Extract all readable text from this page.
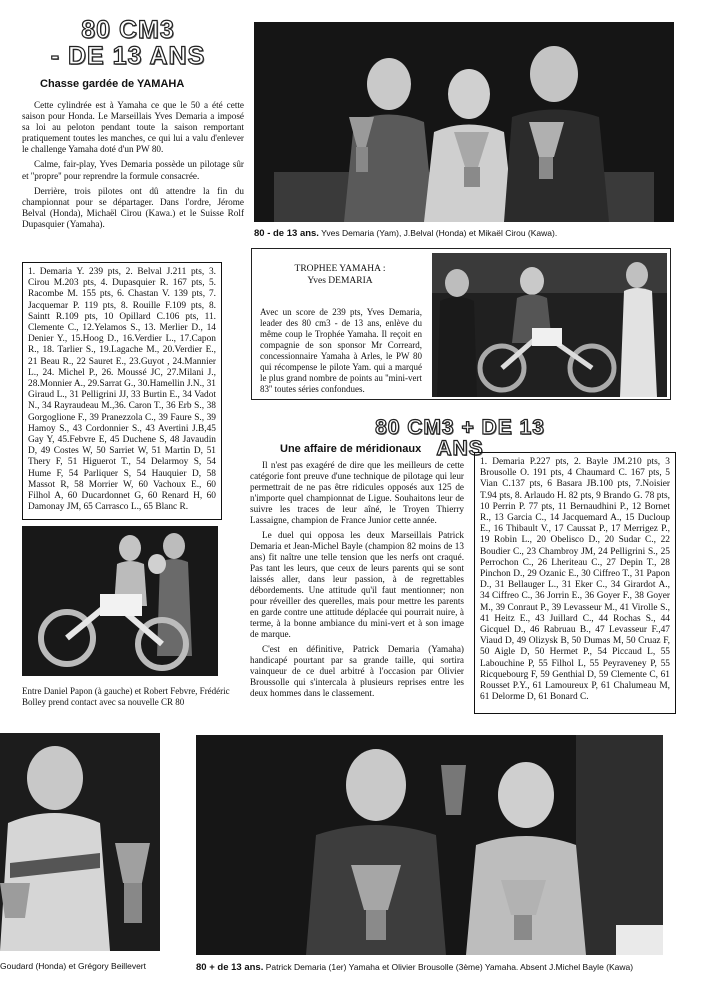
80 CM3
- DE 13 ANS
Chasse gardée de YAMAHA

Cette cylindrée est à Yamaha ce que le 50 a été cette saison pour Honda. Le Marseillais Yves Demaria a imposé sa loi au peloton pendant toute la saison remportant pratiquement toutes les manches, ce qui lui a valu d'enlever le challenge Yamaha doté d'un PW 80.

Calme, fair-play, Yves Demaria possède un pilotage sûr et ''propre'' pour reprendre la formule consacrée.

Derrière, trois pilotes ont dû attendre la fin du championnat pour se départager. Dans l'ordre, Jérome Belval (Honda), Michaël Cirou (Kawa.) et le Suisse Rolf Dupasquier (Yamaha).

1. Demaria Y. 239 pts, 2. Belval J.211 pts, 3. Cirou M.203 pts, 4. Dupasquier R. 167 pts, 5. Racombe M. 155 pts, 6. Chastan V. 139 pts, 7. Jacquemar P. 119 pts, 8. Rouille F.109 pts, 8. Saintt R.109 pts, 10 Opillard C.106 pts, 11. Clemente C., 12.Yelamos S., 13. Merlier D., 14 Denier Y., 15.Hoog D., 16.Verdier L., 17.Capon R., 18. Tarlier S., 19.Lagache M., 20.Verdier E., 21 Beau R., 22 Sauret E., 23.Guyot , 24.Mannier L., 24. Michel P., 26. Moussé JC, 27.Milani J., 28.Monnier A., 29.Sarrat G., 30.Hamellin J.N., 31 Giraud L., 31 Pelligrini JJ, 33 Burtin E., 34 Vadot N., 34 Rayraudeau M.,36. Caron T., 36 Erb S., 38 Gorgoglione F., 39 Pranezzola C., 39 Faure S., 39 Hamoy S., 43 Cordonnier S., 43 Avertini J.B,45 Gay Y, 45.Febvre E, 45 Duchene S, 48 Javaudin D, 49 Costes W, 50 Sarriet W, 51 Martin D, 51 Thery F, 51 Higuerot T., 54 Delarmoy S, 54 Hume F, 54 Parliquer S, 54 Hauquier D, 58 Massot R, 58 Morrier W, 60 Vachoux E., 60 Filhol A, 60 Ducardonnet G, 60 Renard H, 60 Damonay JM, 65 Carrasco L., 65 Blanc R.
80 - de 13 ans. Yves Demaria (Yam), J.Belval (Honda) et Mikaël Cirou (Kawa).
TROPHEE YAMAHA :
Yves DEMARIA
Avec un score de 239 pts, Yves Demaria, leader des 80 cm3 - de 13 ans, enlève du même coup le Trophée Yamaha. Il reçoit en compagnie de son sponsor Mr Correard, concessionnaire Yamaha à Arles, le PW 80 qui récompense le pilote Yam. qui a marqué le plus grand nombre de points au ''mini-vert 83'' toutes séries confondues.
80 CM3 + DE 13 ANS
Une affaire de méridionaux

Il n'est pas exagéré de dire que les meilleurs de cette catégorie font preuve d'une technique de pilotage qui leur permettrait de ne pas être ridicules opposés aux 125 de n'importe quel championnat de Ligue. Souhaitons leur de suivre les traces de leur aîné, le Troyen Thierry Lassaigne, champion de France Junior cette année.

Le duel qui opposa les deux Marseillais Patrick Demaria et Jean-Michel Bayle (champion 82 moins de 13 ans) fit naître une telle tension que les nerfs ont craqué. Pas tant les leurs, que ceux de leurs parents qui se sont laissés aller, dans leur passion, à de regrettables débordements. Une attitude qu'il faut mentionner; non pour réveiller des querelles, mais pour mettre les parents en garde contre une attitude déplacée qui pourrait nuire, à terme, à la bonne ambiance du mini-vert et à son image de marque.

C'est en définitive, Patrick Demaria (Yamaha) handicapé pourtant par sa grande taille, qui sortira vainqueur de ce duel arbitré à l'occasion par Olivier Broussolle qui s'intercala à plusieurs reprises entre les deux hommes dans le classement.

1. Demaria P.227 pts, 2. Bayle JM.210 pts, 3 Brousolle O. 191 pts, 4 Chaumard C. 167 pts, 5 Vian C.137 pts, 6 Basara JB.100 pts, 7.Noisier T.94 pts, 8. Arlaudo H. 82 pts, 9 Brando G. 78 pts, 10 Perrin P. 77 pts, 11 Bernaudhini P., 12 Bornet R., 13 Garcia C., 14 Jacquemard A., 15 Ducloup E., 16 Thibault V., 17 Caussat P., 17 Merrigez P., 19 Robin L., 20 Obelisco D., 20 Sudar C., 22 Boudier C., 23 Chambroy JM, 24 Pelligrini S., 25 Perrochon C., 26 Lheriteau C., 27 Depin T., 28 Pinchon D., 29 Ozanic E., 30 Ciffreo T., 31 Papon D., 31 Bellauger L., 31 Eker C., 34 Girardot A., 34 Ciffreo C., 36 Jorrin E., 36 Goyer F., 38 Goyer M., 39 Conraut P., 39 Levasseur M., 41 Virolle S., 41 Heitz E., 43 Juillard C., 44 Rochas S., 44 Gicquel D., 46 Rabruau B., 47 Levasseur F.,47 Viaud D, 49 Olizysk B, 50 Dumas M, 50 Cruaz F, 50 Aigle D, 50 Hermet P., 54 Piccaud L, 55 Labouchine P, 55 Filhol L, 55 Peyraveney P, 55 Ricquebourg F, 59 Genthial D, 59 Clemente C, 61 Rousset P.Y., 61 Lamoureux P, 61 Chalumeau M, 61 Delorme D, 61 Bonard C.
Entre Daniel Papon (à gauche) et Robert Febvre, Frédéric Bolley prend contact avec sa nouvelle CR 80
Goudard (Honda) et Grégory Beillevert	80 + de 13 ans. Patrick Demaria (1er) Yamaha et Olivier Brousolle (3ème) Yamaha. Absent J.Michel Bayle (Kawa)
